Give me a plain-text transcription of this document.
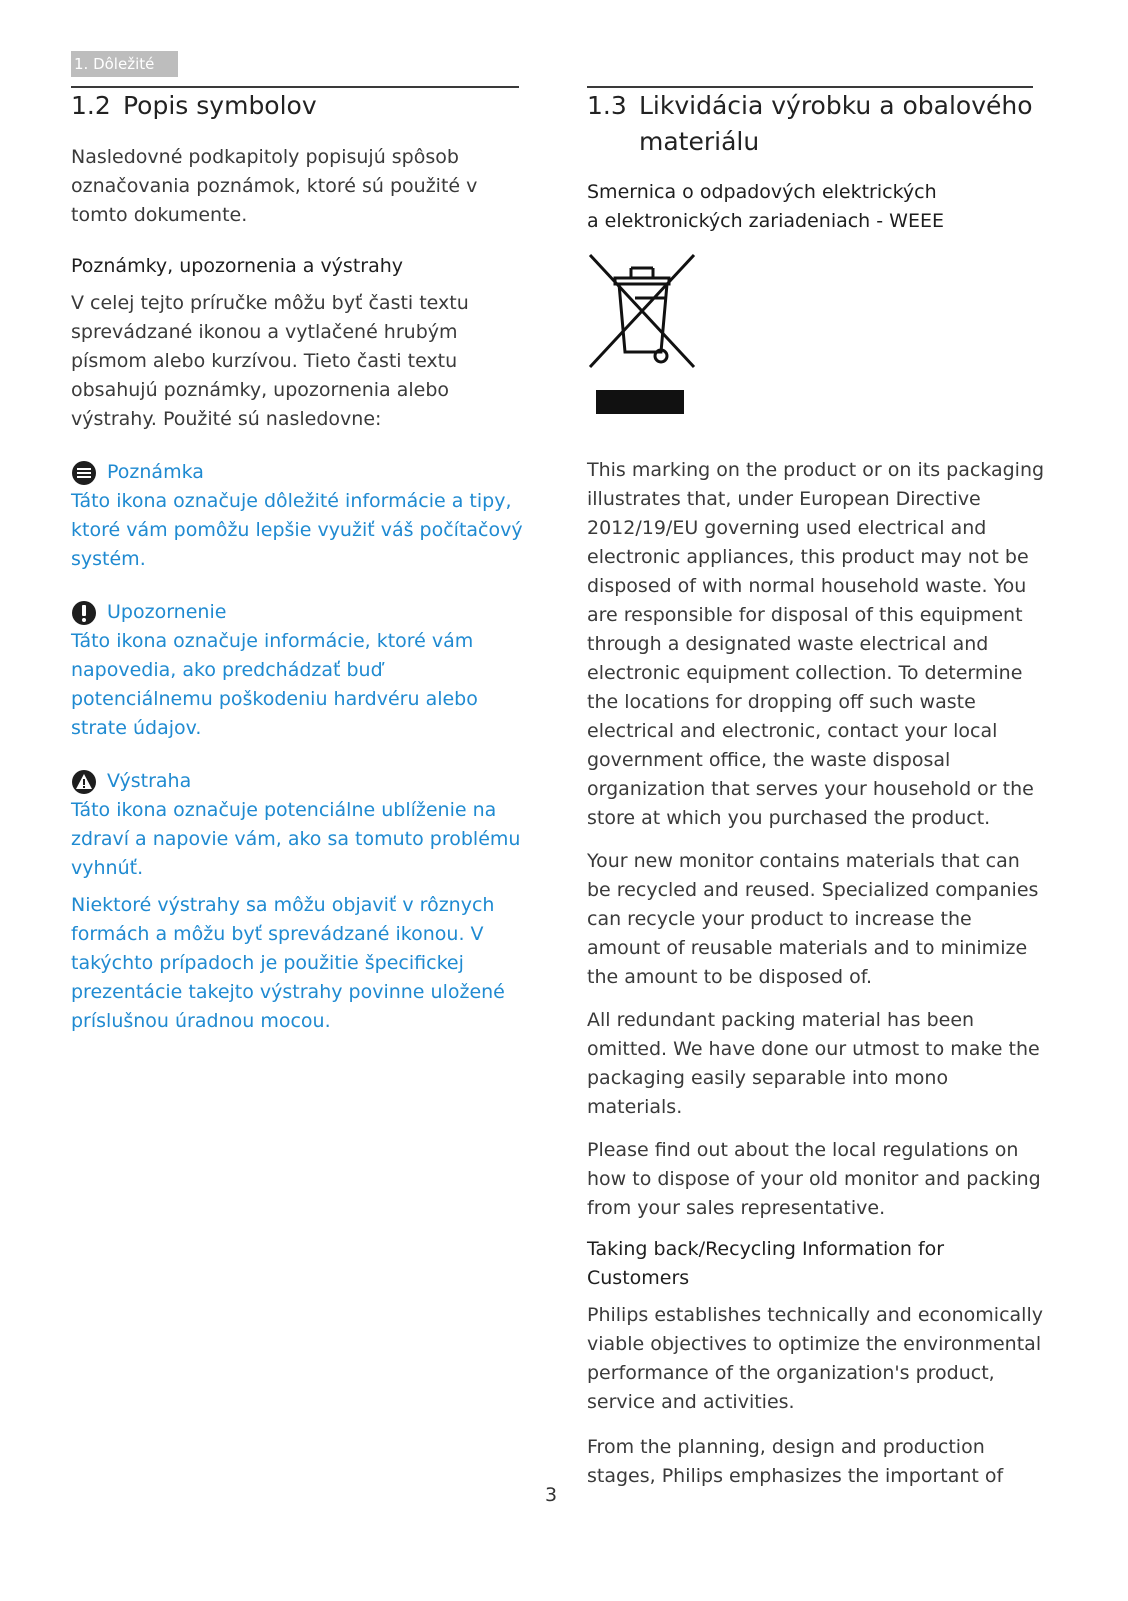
1. Dôležité
1.2 Popis symbolov

Nasledovné podkapitoly popisujú spôsob označovania poznámok, ktoré sú použité v tomto dokumente.

Poznámky, upozornenia a výstrahy

V celej tejto príručke môžu byť časti textu sprevádzané ikonou a vytlačené hrubým písmom alebo kurzívou. Tieto časti textu obsahujú poznámky, upozornenia alebo výstrahy. Použité sú nasledovne:

Poznámka

Táto ikona označuje dôležité informácie a tipy, ktoré vám pomôžu lepšie využiť váš počítačový systém.

Upozornenie

Táto ikona označuje informácie, ktoré vám napovedia, ako predchádzať buď potenciálnemu poškodeniu hardvéru alebo strate údajov.

Výstraha

Táto ikona označuje potenciálne ublíženie na zdraví a napovie vám, ako sa tomuto problému vyhnúť.

Niektoré výstrahy sa môžu objaviť v rôznych formách a môžu byť sprevádzané ikonou. V takýchto prípadoch je použitie špecifickej prezentácie takejto výstrahy povinne uložené príslušnou úradnou mocou.

1.3 Likvidácia výrobku a obalového materiálu
Smernica o odpadových elektrických
a elektronických zariadeniach - WEEE

This marking on the product or on its packaging illustrates that, under European Directive 2012/19/EU governing used electrical and electronic appliances, this product may not be disposed of with normal household waste. You are responsible for disposal of this equipment through a designated waste electrical and electronic equipment collection. To determine the locations for dropping off such waste electrical and electronic, contact your local government office, the waste disposal organization that serves your household or the store at which you purchased the product.

Your new monitor contains materials that can be recycled and reused. Specialized companies can recycle your product to increase the amount of reusable materials and to minimize the amount to be disposed of.

All redundant packing material has been omitted. We have done our utmost to make the packaging easily separable into mono materials.

Please find out about the local regulations on how to dispose of your old monitor and packing from your sales representative.

Taking back/Recycling Information for Customers

Philips establishes technically and economically viable objectives to optimize the environmental performance of the organization's product, service and activities.

From the planning, design and production stages, Philips emphasizes the important of

3
